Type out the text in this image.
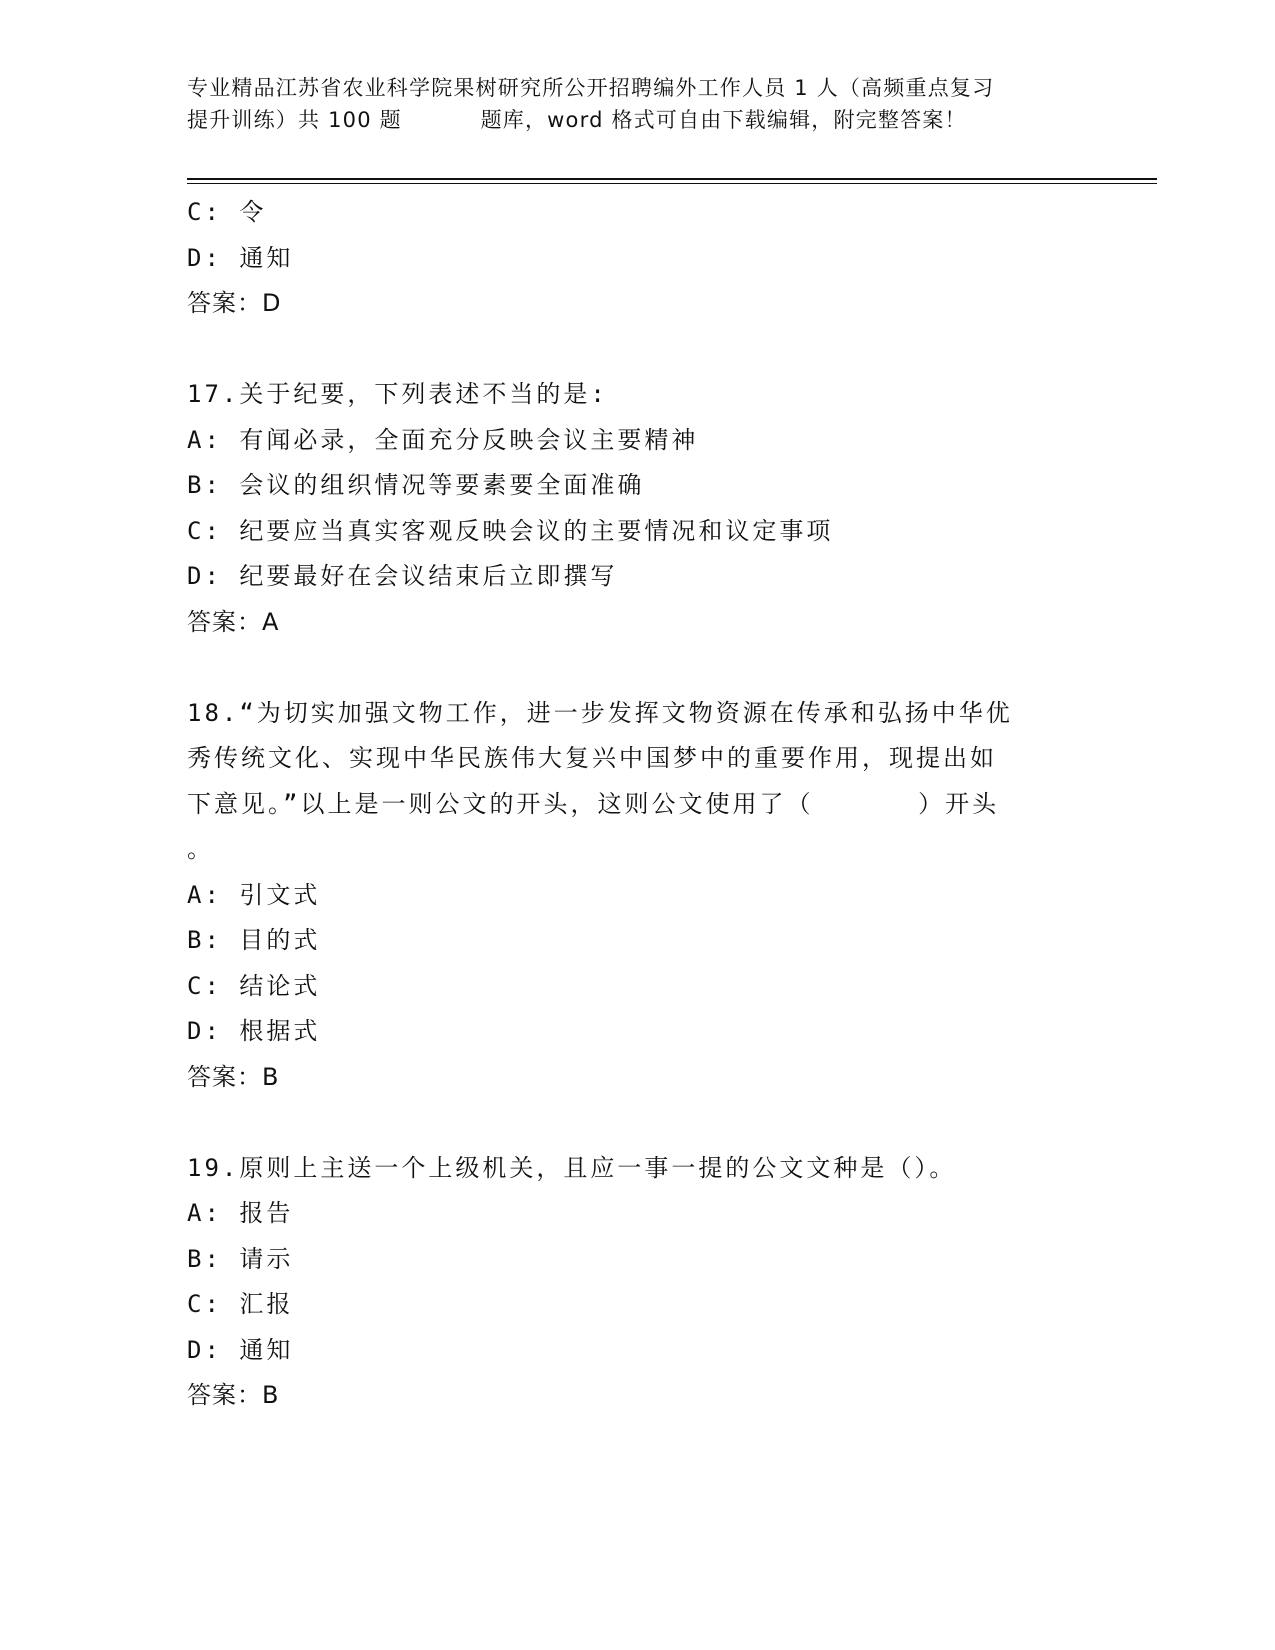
专业精品江苏省农业科学院果树研究所公开招聘编外工作人员 1 人（高频重点复习
提升训练）共 100 题          题库，word 格式可自由下载编辑，附完整答案！
C: 令
D: 通知
答案：D
17.关于纪要，下列表述不当的是:
A: 有闻必录，全面充分反映会议主要精神
B: 会议的组织情况等要素要全面准确
C: 纪要应当真实客观反映会议的主要情况和议定事项
D: 纪要最好在会议结束后立即撰写
答案：A
18.“为切实加强文物工作，进一步发挥文物资源在传承和弘扬中华优
秀传统文化、实现中华民族伟大复兴中国梦中的重要作用，现提出如
下意见。”以上是一则公文的开头，这则公文使用了（      ）开头
。
A: 引文式
B: 目的式
C: 结论式
D: 根据式
答案：B
19.原则上主送一个上级机关，且应一事一提的公文文种是（）。
A: 报告
B: 请示
C: 汇报
D: 通知
答案：B
